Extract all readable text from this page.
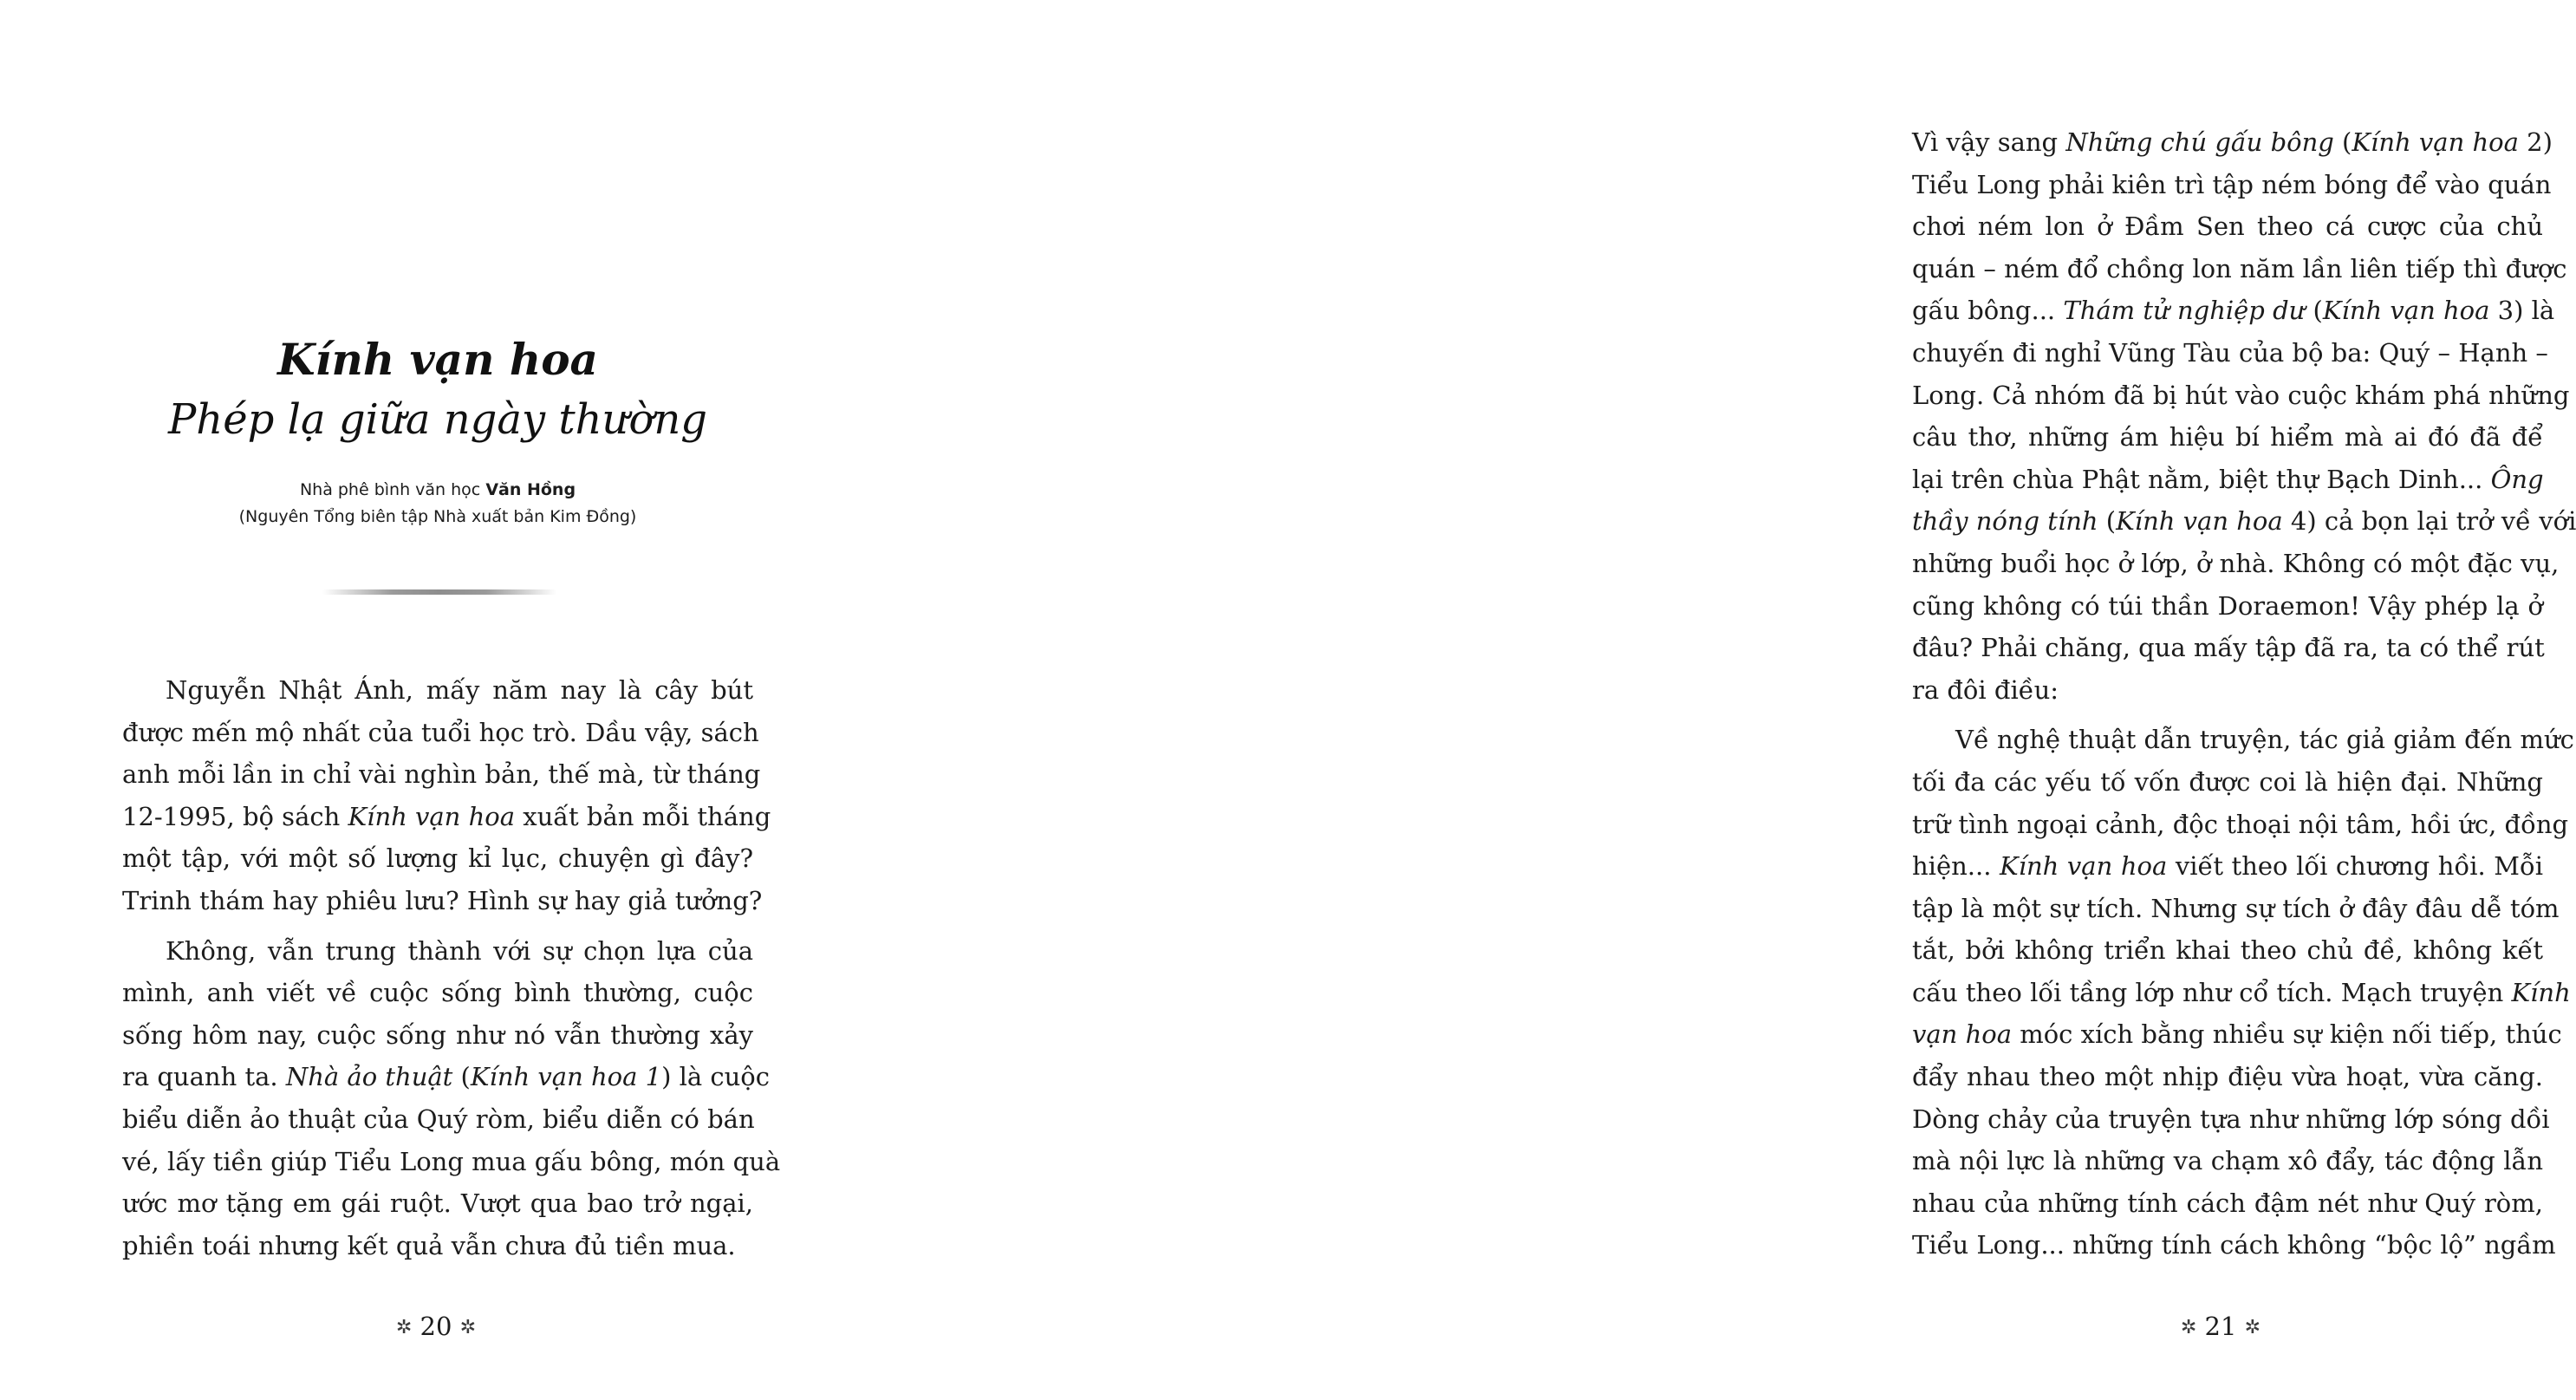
Kính vạn hoa
Phép lạ giữa ngày thường
Nhà phê bình văn học Văn Hồng
(Nguyên Tổng biên tập Nhà xuất bản Kim Đồng)

Nguyễn Nhật Ánh, mấy năm nay là cây bút
được mến mộ nhất của tuổi học trò. Dầu vậy, sách
anh mỗi lần in chỉ vài nghìn bản, thế mà, từ tháng
12-1995, bộ sách Kính vạn hoa xuất bản mỗi tháng
một tập, với một số lượng kỉ lục, chuyện gì đây?
Trinh thám hay phiêu lưu? Hình sự hay giả tưởng?

Không, vẫn trung thành với sự chọn lựa của
mình, anh viết về cuộc sống bình thường, cuộc
sống hôm nay, cuộc sống như nó vẫn thường xảy
ra quanh ta. Nhà ảo thuật (Kính vạn hoa 1) là cuộc
biểu diễn ảo thuật của Quý ròm, biểu diễn có bán
vé, lấy tiền giúp Tiểu Long mua gấu bông, món quà
ước mơ tặng em gái ruột. Vượt qua bao trở ngại,
phiền toái nhưng kết quả vẫn chưa đủ tiền mua.

✲ 20 ✲

Vì vậy sang Những chú gấu bông (Kính vạn hoa 2)
Tiểu Long phải kiên trì tập ném bóng để vào quán
chơi ném lon ở Đầm Sen theo cá cược của chủ
quán – ném đổ chồng lon năm lần liên tiếp thì được
gấu bông... Thám tử nghiệp dư (Kính vạn hoa 3) là
chuyến đi nghỉ Vũng Tàu của bộ ba: Quý – Hạnh –
Long. Cả nhóm đã bị hút vào cuộc khám phá những
câu thơ, những ám hiệu bí hiểm mà ai đó đã để
lại trên chùa Phật nằm, biệt thự Bạch Dinh... Ông
thầy nóng tính (Kính vạn hoa 4) cả bọn lại trở về với
những buổi học ở lớp, ở nhà. Không có một đặc vụ,
cũng không có túi thần Doraemon! Vậy phép lạ ở
đâu? Phải chăng, qua mấy tập đã ra, ta có thể rút
ra đôi điều:

Về nghệ thuật dẫn truyện, tác giả giảm đến mức
tối đa các yếu tố vốn được coi là hiện đại. Những
trữ tình ngoại cảnh, độc thoại nội tâm, hồi ức, đồng
hiện... Kính vạn hoa viết theo lối chương hồi. Mỗi
tập là một sự tích. Nhưng sự tích ở đây đâu dễ tóm
tắt, bởi không triển khai theo chủ đề, không kết
cấu theo lối tầng lớp như cổ tích. Mạch truyện Kính
vạn hoa móc xích bằng nhiều sự kiện nối tiếp, thúc
đẩy nhau theo một nhịp điệu vừa hoạt, vừa căng.
Dòng chảy của truyện tựa như những lớp sóng dồi
mà nội lực là những va chạm xô đẩy, tác động lẫn
nhau của những tính cách đậm nét như Quý ròm,
Tiểu Long... những tính cách không “bộc lộ” ngầm

✲ 21 ✲
